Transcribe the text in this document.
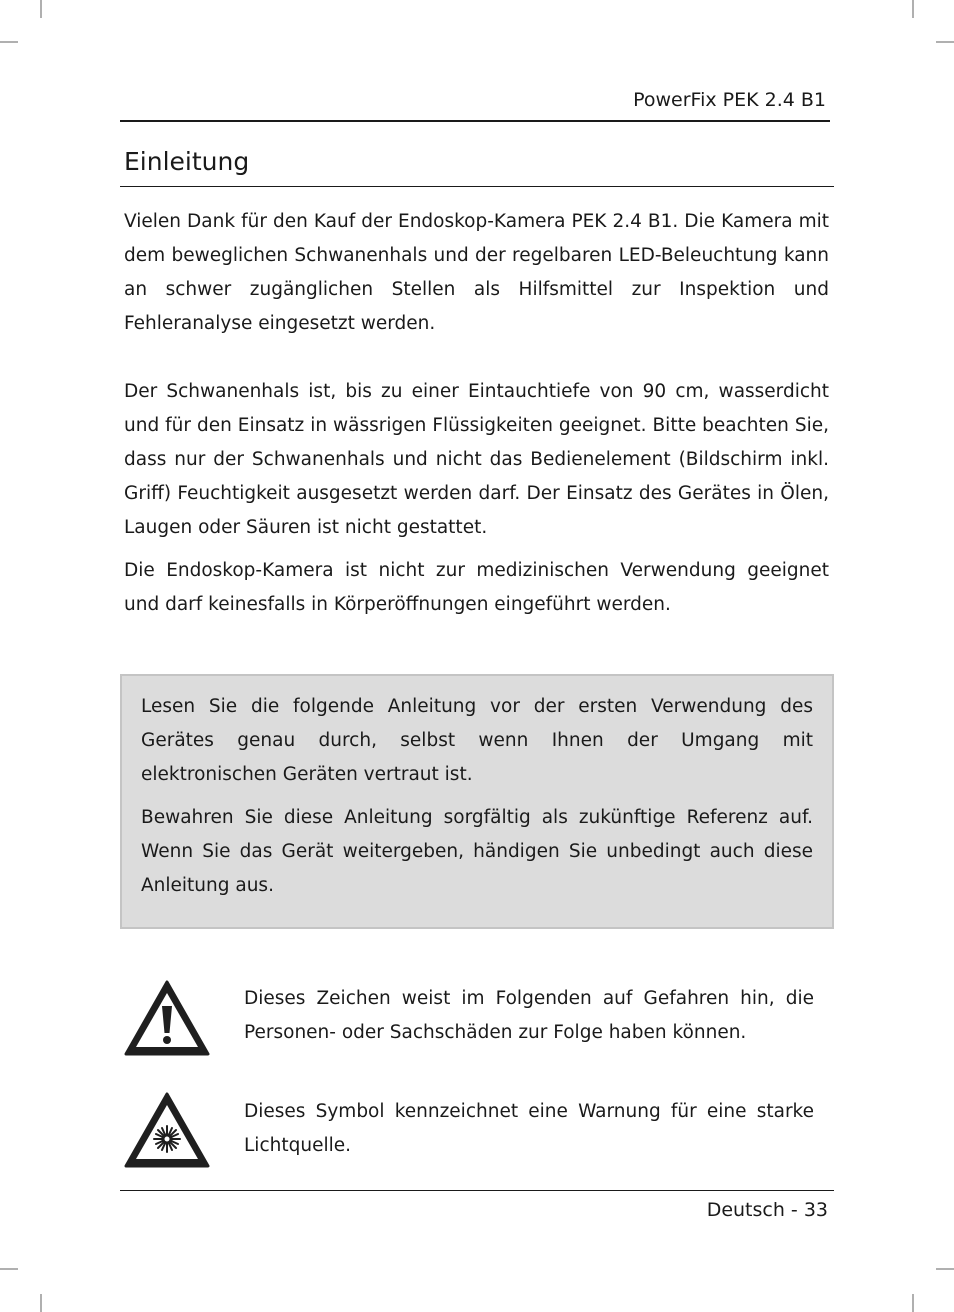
PowerFix PEK 2.4 B1
Einleitung

Vielen Dank für den Kauf der Endoskop-Kamera PEK 2.4 B1. Die Kamera mit dem beweglichen Schwanenhals und der regelbaren LED-Beleuchtung kann an schwer zugänglichen Stellen als Hilfsmittel zur Inspektion und Fehleranalyse eingesetzt werden.

Der Schwanenhals ist, bis zu einer Eintauchtiefe von 90 cm, wasserdicht und für den Einsatz in wässrigen Flüssigkeiten geeignet. Bitte beachten Sie, dass nur der Schwanenhals und nicht das Bedienelement (Bildschirm inkl. Griff) Feuchtigkeit ausgesetzt werden darf. Der Einsatz des Gerätes in Ölen, Laugen oder Säuren ist nicht gestattet.

Die Endoskop-Kamera ist nicht zur medizinischen Verwendung geeignet und darf keinesfalls in Körperöffnungen eingeführt werden.

Lesen Sie die folgende Anleitung vor der ersten Verwendung des Gerätes genau durch, selbst wenn Ihnen der Umgang mit elektronischen Geräten vertraut ist.

Bewahren Sie diese Anleitung sorgfältig als zukünftige Referenz auf. Wenn Sie das Gerät weitergeben, händigen Sie unbedingt auch diese Anleitung aus.

Dieses Zeichen weist im Folgenden auf Gefahren hin, die Personen- oder Sachschäden zur Folge haben können.

Dieses Symbol kennzeichnet eine Warnung für eine starke Lichtquelle.

Deutsch - 33
